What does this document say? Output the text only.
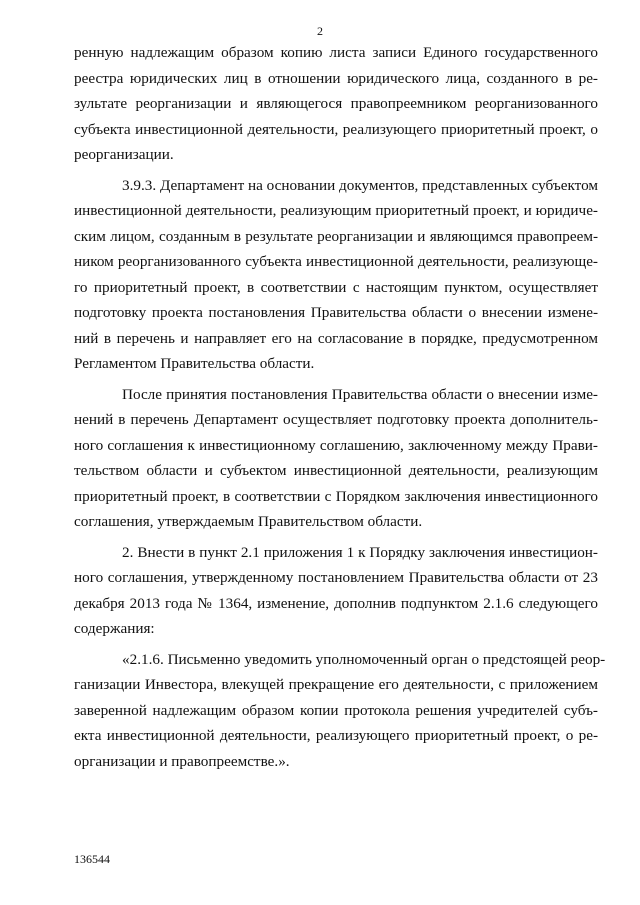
2
ренную надлежащим образом копию листа записи Единого государственного
реестра юридических лиц в отношении юридического лица, созданного в ре-
зультате реорганизации и являющегося правопреемником реорганизованного
субъекта инвестиционной деятельности, реализующего приоритетный проект, о
реорганизации.
3.9.3. Департамент на основании документов, представленных субъектом
инвестиционной деятельности, реализующим приоритетный проект, и юридиче-
ским лицом, созданным в результате реорганизации и являющимся правопреем-
ником реорганизованного субъекта инвестиционной деятельности, реализующе-
го приоритетный проект, в соответствии с настоящим пунктом, осуществляет
подготовку проекта постановления Правительства области о внесении измене-
ний в перечень и направляет его на согласование в порядке, предусмотренном
Регламентом Правительства области.
После принятия постановления Правительства области о внесении изме-
нений в перечень Департамент осуществляет подготовку проекта дополнитель-
ного соглашения к инвестиционному соглашению, заключенному между Прави-
тельством области и субъектом инвестиционной деятельности, реализующим
приоритетный проект, в соответствии с Порядком заключения инвестиционного
соглашения, утверждаемым Правительством области.
2. Внести в пункт 2.1 приложения 1 к Порядку заключения инвестицион-
ного соглашения, утвержденному постановлением Правительства области от 23
декабря 2013 года № 1364, изменение, дополнив подпунктом 2.1.6 следующего
содержания:
«2.1.6. Письменно уведомить уполномоченный орган о предстоящей реор-
ганизации Инвестора, влекущей прекращение его деятельности, с приложением
заверенной надлежащим образом копии протокола решения учредителей субъ-
екта инвестиционной деятельности, реализующего приоритетный проект, о ре-
организации и правопреемстве.».
136544
